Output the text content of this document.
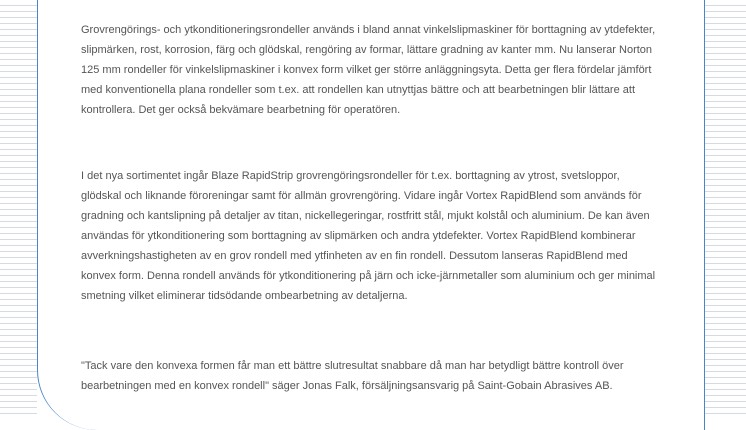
Grovrengörings- och ytkonditioneringsrondeller används i bland annat vinkelslipmaskiner för borttagning av ytdefekter, slipmärken, rost, korrosion, färg och glödskal, rengöring av formar, lättare gradning av kanter mm. Nu lanserar Norton 125 mm rondeller för vinkelslipmaskiner i konvex form vilket ger större anläggningsyta. Detta ger flera fördelar jämfört med konventionella plana rondeller som t.ex. att rondellen kan utnyttjas bättre och att bearbetningen blir lättare att kontrollera. Det ger också bekvämare bearbetning för operatören.

I det nya sortimentet ingår Blaze RapidStrip grovrengöringsrondeller för t.ex. borttagning av ytrost, svetsloppor, glödskal och liknande föroreningar samt för allmän grovrengöring. Vidare ingår Vortex RapidBlend som används för gradning och kantslipning på detaljer av titan, nickellegeringar, rostfritt stål, mjukt kolstål och aluminium. De kan även användas för ytkonditionering som borttagning av slipmärken och andra ytdefekter. Vortex RapidBlend kombinerar avverkningshastigheten av en grov rondell med ytfinheten av en fin rondell. Dessutom lanseras RapidBlend med konvex form. Denna rondell används för ytkonditionering på järn och icke-järnmetaller som aluminium och ger minimal smetning vilket eliminerar tidsödande ombearbetning av detaljerna.

"Tack vare den konvexa formen får man ett bättre slutresultat snabbare då man har betydligt bättre kontroll över bearbetningen med en konvex rondell" säger Jonas Falk, försäljningsansvarig på Saint-Gobain Abrasives AB.
